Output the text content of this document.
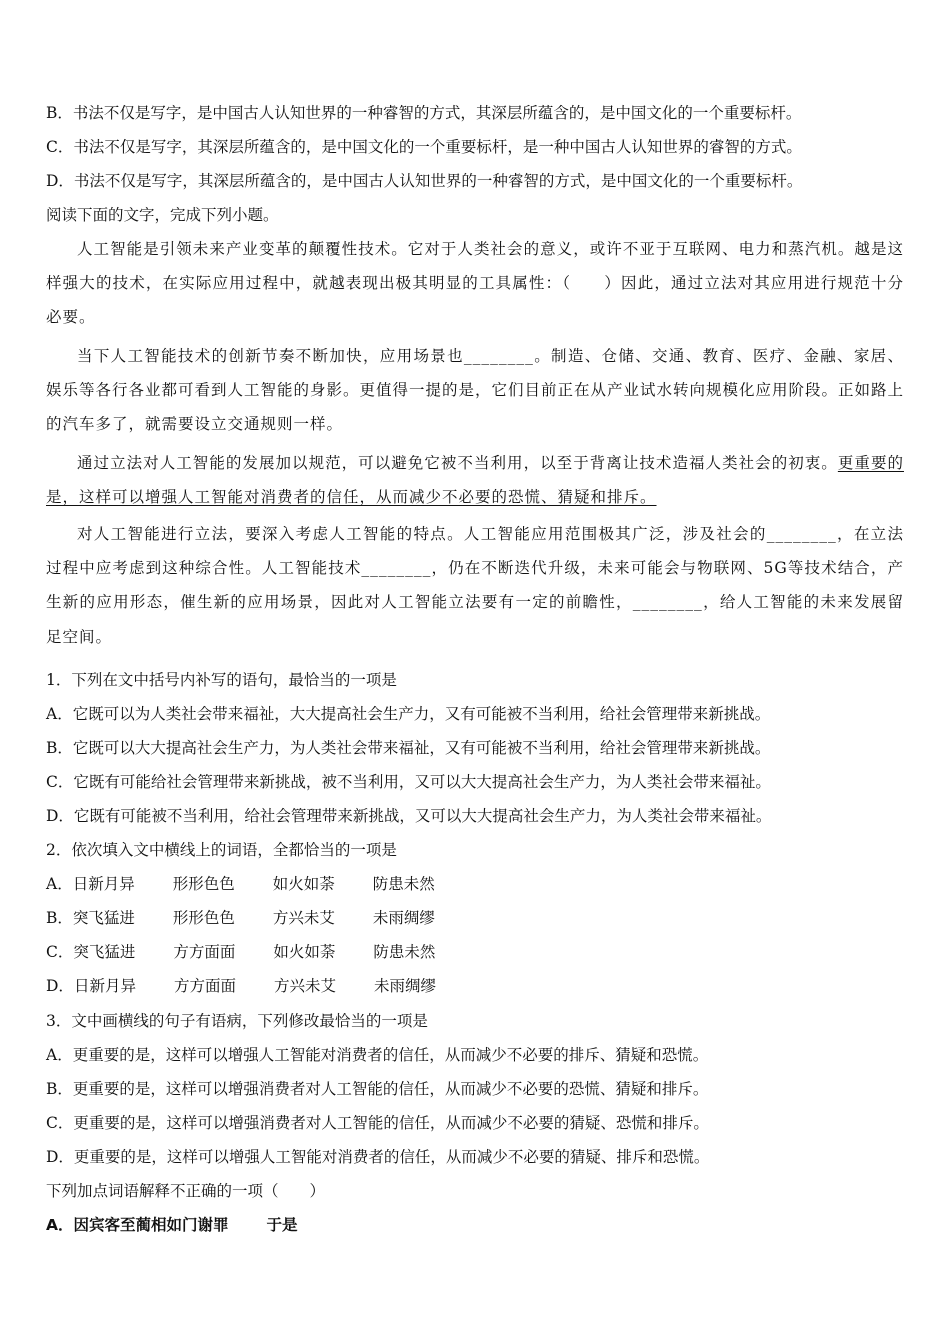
B．书法不仅是写字，是中国古人认知世界的一种睿智的方式，其深层所蕴含的，是中国文化的一个重要标杆。
C．书法不仅是写字，其深层所蕴含的，是中国文化的一个重要标杆，是一种中国古人认知世界的睿智的方式。
D．书法不仅是写字，其深层所蕴含的，是中国古人认知世界的一种睿智的方式，是中国文化的一个重要标杆。
阅读下面的文字，完成下列小题。
人工智能是引领未来产业变革的颠覆性技术。它对于人类社会的意义，或许不亚于互联网、电力和蒸汽机。越是这样强大的技术，在实际应用过程中，就越表现出极其明显的工具属性：（　　）因此，通过立法对其应用进行规范十分必要。
当下人工智能技术的创新节奏不断加快，应用场景也________。制造、仓储、交通、教育、医疗、金融、家居、娱乐等各行各业都可看到人工智能的身影。更值得一提的是，它们目前正在从产业试水转向规模化应用阶段。正如路上的汽车多了，就需要设立交通规则一样。
通过立法对人工智能的发展加以规范，可以避免它被不当利用，以至于背离让技术造福人类社会的初衷。更重要的是，这样可以增强人工智能对消费者的信任，从而减少不必要的恐慌、猜疑和排斥。
对人工智能进行立法，要深入考虑人工智能的特点。人工智能应用范围极其广泛，涉及社会的________，在立法过程中应考虑到这种综合性。人工智能技术________，仍在不断迭代升级，未来可能会与物联网、5G等技术结合，产生新的应用形态，催生新的应用场景，因此对人工智能立法要有一定的前瞻性，________，给人工智能的未来发展留足空间。
1．下列在文中括号内补写的语句，最恰当的一项是
A．它既可以为人类社会带来福祉，大大提高社会生产力，又有可能被不当利用，给社会管理带来新挑战。
B．它既可以大大提高社会生产力，为人类社会带来福祉，又有可能被不当利用，给社会管理带来新挑战。
C．它既有可能给社会管理带来新挑战，被不当利用，又可以大大提高社会生产力，为人类社会带来福祉。
D．它既有可能被不当利用，给社会管理带来新挑战，又可以大大提高社会生产力，为人类社会带来福祉。
2．依次填入文中横线上的词语，全都恰当的一项是
A．日新月异 形形色色 如火如荼 防患未然
B．突飞猛进 形形色色 方兴未艾 未雨绸缪
C．突飞猛进 方方面面 如火如荼 防患未然
D．日新月异 方方面面 方兴未艾 未雨绸缪
3．文中画横线的句子有语病，下列修改最恰当的一项是
A．更重要的是，这样可以增强人工智能对消费者的信任，从而减少不必要的排斥、猜疑和恐慌。
B．更重要的是，这样可以增强消费者对人工智能的信任，从而减少不必要的恐慌、猜疑和排斥。
C．更重要的是，这样可以增强消费者对人工智能的信任，从而减少不必要的猜疑、恐慌和排斥。
D．更重要的是，这样可以增强人工智能对消费者的信任，从而减少不必要的猜疑、排斥和恐慌。
下列加点词语解释不正确的一项（　　）
A．因宾客至蔺相如门谢罪 于是
